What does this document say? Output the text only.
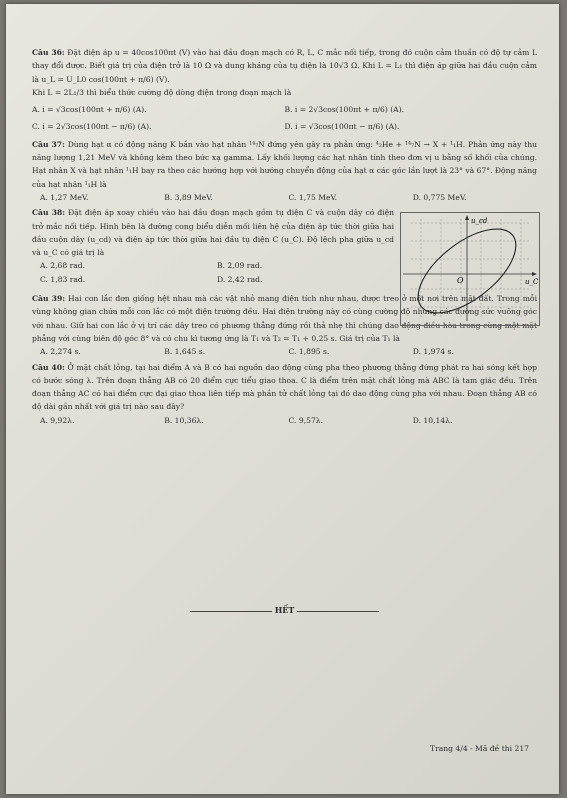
Câu 36: Đặt điện áp u = 40cos100πt (V) vào hai đầu đoạn mạch có R, L, C mắc nối tiếp, trong đó cuộn cảm thuần có độ tự cảm L thay đổi được. Biết giá trị của điện trở là 10 Ω và dung kháng của tụ điện là 10√3 Ω. Khi L = L₁ thì điện áp giữa hai đầu cuộn cảm là u_L = U_L0 cos(100πt + π/6) (V).

Khi L = 2L₁/3 thì biểu thức cường độ dòng điện trong đoạn mạch là

A. i = √3cos(100πt + π/6) (A).	B. i = 2√3cos(100πt + π/6) (A).
C. i = 2√3cos(100πt − π/6) (A).	D. i = √3cos(100πt − π/6) (A).

Câu 37: Dùng hạt α có động năng K bắn vào hạt nhân ¹⁴₇N đứng yên gây ra phản ứng: ⁴₂He + ¹⁴₇N → X + ¹₁H. Phản ứng này thu năng lượng 1,21 MeV và không kèm theo bức xạ gamma. Lấy khối lượng các hạt nhân tính theo đơn vị u bằng số khối của chúng. Hạt nhân X và hạt nhân ¹₁H bay ra theo các hướng hợp với hướng chuyển động của hạt α các góc lần lượt là 23° và 67°. Động năng của hạt nhân ¹₁H là

A. 1,27 MeV.	B. 3,89 MeV.	C. 1,75 MeV.	D. 0,775 MeV.

Câu 38: Đặt điện áp xoay chiều vào hai đầu đoạn mạch gồm tụ điện C và cuộn dây có điện trở mắc nối tiếp. Hình bên là đường cong biểu diễn mối liên hệ của điện áp tức thời giữa hai đầu cuộn dây (u_cd) và điện áp tức thời giữa hai đầu tụ điện C (u_C). Độ lệch pha giữa u_cd và u_C có giá trị là

A. 2,68 rad.	B. 2,09 rad.
C. 1,83 rad.	D. 2,42 rad.
u_cd
u_C
O

Câu 39: Hai con lắc đơn giống hệt nhau mà các vật nhỏ mang điện tích như nhau, được treo ở một nơi trên mặt đất. Trong mỗi vùng không gian chứa mỗi con lắc có một điện trường đều. Hai điện trường này có cùng cường độ nhưng các đường sức vuông góc với nhau. Giữ hai con lắc ở vị trí các dây treo có phương thẳng đứng rồi thả nhẹ thì chúng dao động điều hòa trong cùng một mặt phẳng với cùng biên độ góc 8° và có chu kì tương ứng là T₁ và T₂ = T₁ + 0,25 s. Giá trị của T₁ là

A. 2,274 s.	B. 1,645 s.	C. 1,895 s.	D. 1,974 s.

Câu 40: Ở mặt chất lỏng, tại hai điểm A và B có hai nguồn dao động cùng pha theo phương thẳng đứng phát ra hai sóng kết hợp có bước sóng λ. Trên đoạn thẳng AB có 20 điểm cực tiểu giao thoa. C là điểm trên mặt chất lỏng mà ABC là tam giác đều. Trên đoạn thẳng AC có hai điểm cực đại giao thoa liên tiếp mà phần tử chất lỏng tại đó dao động cùng pha với nhau. Đoạn thẳng AB có độ dài gần nhất với giá trị nào sau đây?

A. 9,92λ.	B. 10,36λ.	C. 9,57λ.	D. 10,14λ.
HẾT
Trang 4/4 - Mã đề thi 217
